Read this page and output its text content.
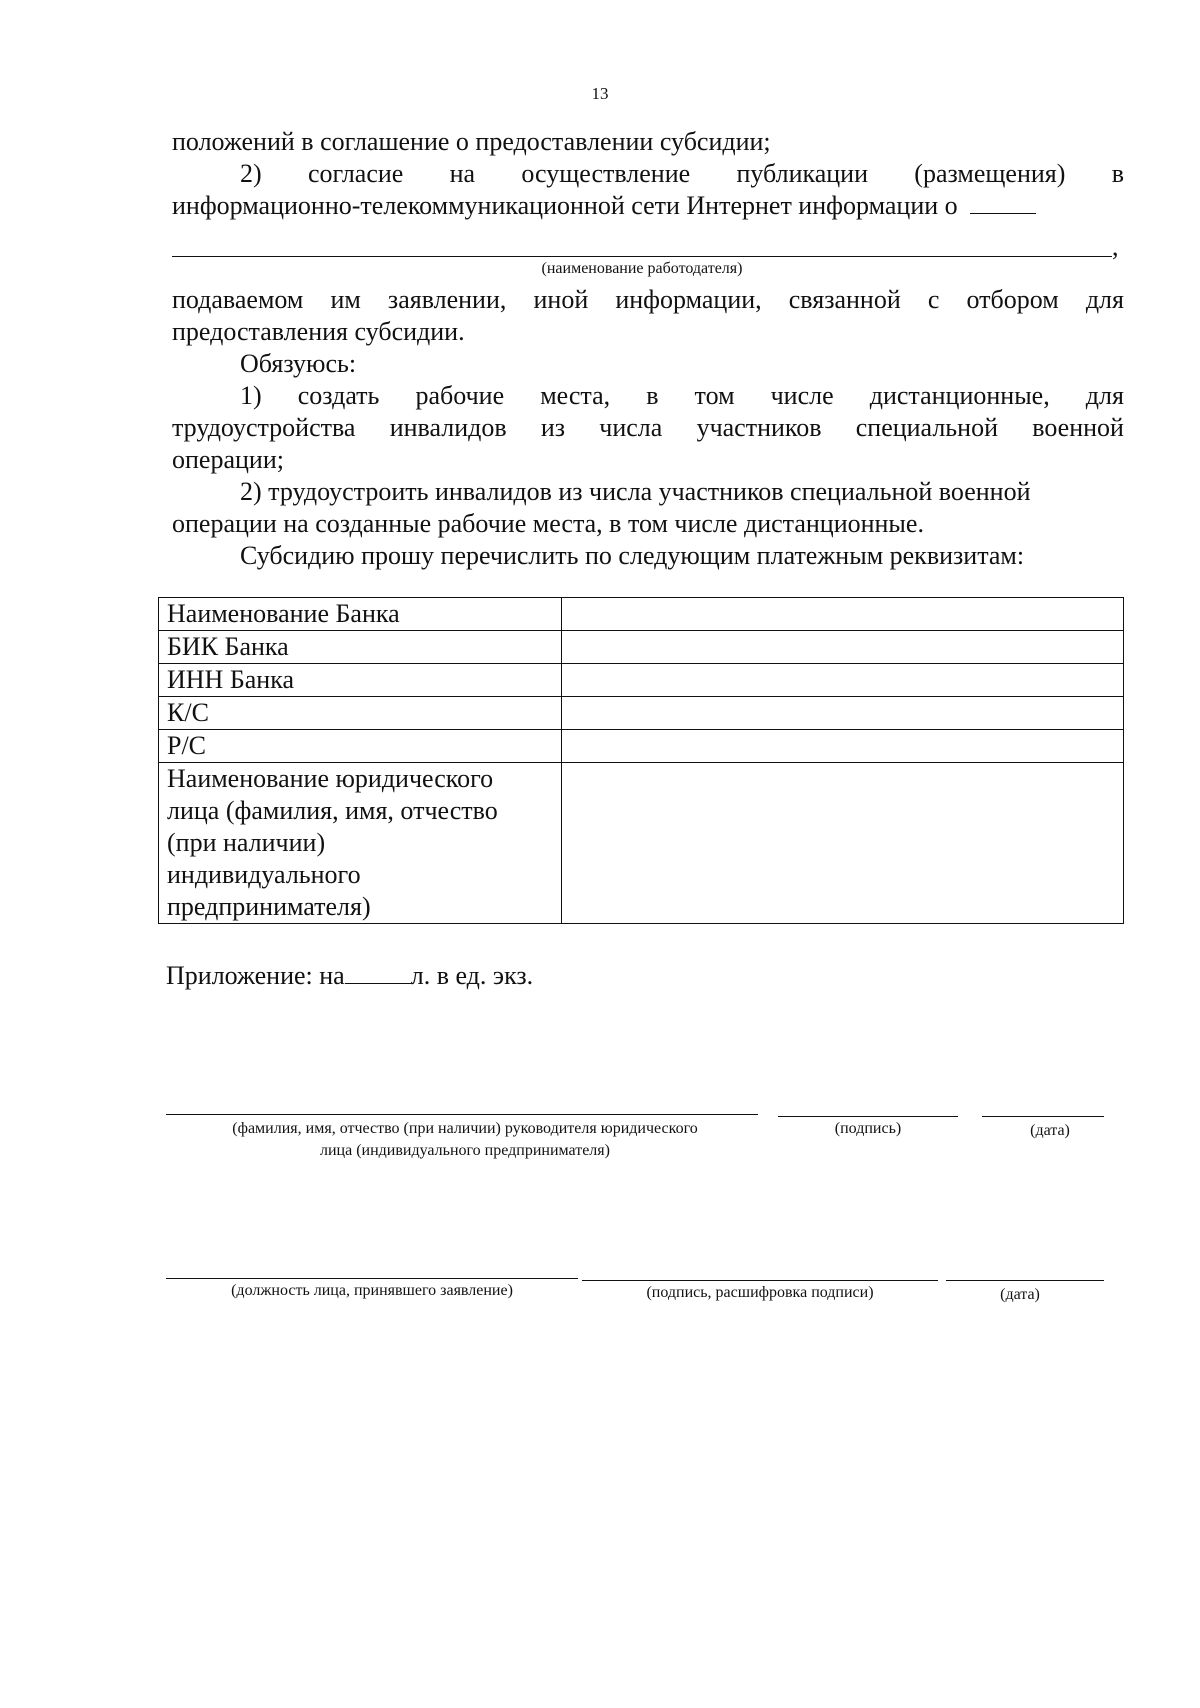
13
положений в соглашение о предоставлении субсидии;
2) согласие на осуществление публикации (размещения) в
информационно-телекоммуникационной сети Интернет информации о
,
(наименование работодателя)
подаваемом им заявлении, иной информации, связанной с отбором для
предоставления субсидии.
Обязуюсь:
1) создать рабочие места, в том числе дистанционные, для
трудоустройства инвалидов из числа участников специальной военной
операции;
2) трудоустроить инвалидов из числа участников специальной военной
операции на созданные рабочие места, в том числе дистанционные.
Субсидию прошу перечислить по следующим платежным реквизитам:
Наименование Банка	
БИК Банка	
ИНН Банка	
К/С	
Р/С	

Наименование юридического
лица (фамилия, имя, отчество
(при наличии)
индивидуального
предпринимателя)	

Приложение: на	л. в ед. экз.
(фамилия, имя, отчество (при наличии) руководителя юридического
лица (индивидуального предпринимателя)
(подпись)	(дата)
(должность лица, принявшего заявление)	(подпись, расшифровка подписи)	(дата)
